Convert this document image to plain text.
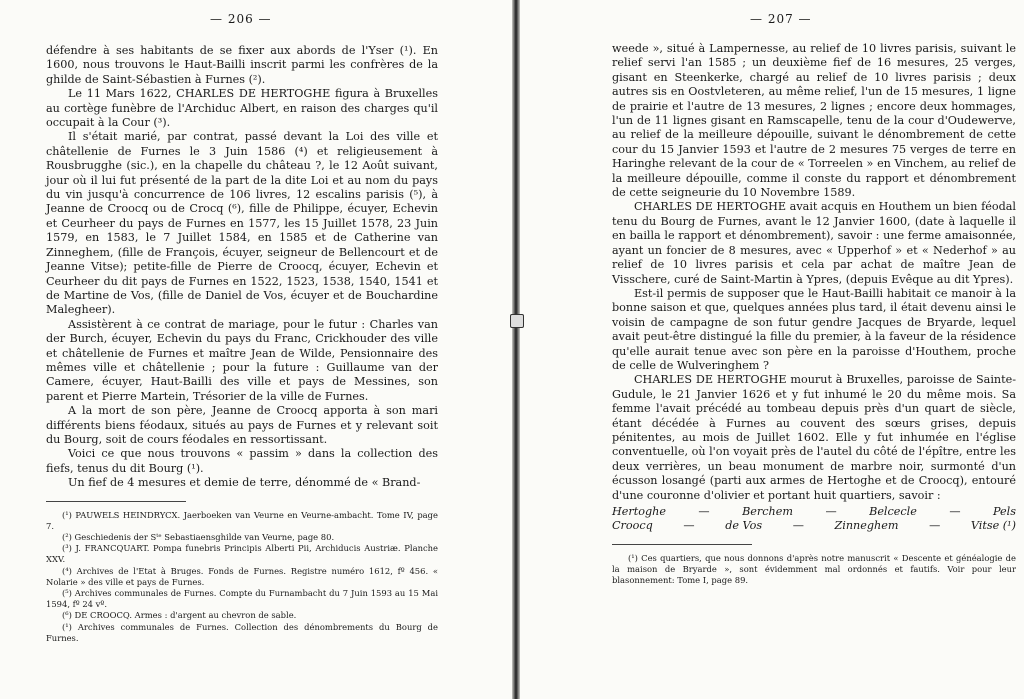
— 206 —

défendre à ses habitants de se fixer aux abords de l'Yser (¹). En 1600, nous trouvons le Haut-Bailli inscrit parmi les confrères de la ghilde de Saint-Sébastien à Furnes (²).

Le 11 Mars 1622, CHARLES DE HERTOGHE figura à Bruxelles au cortège funèbre de l'Archiduc Albert, en raison des charges qu'il occupait à la Cour (³).

Il s'était marié, par contrat, passé devant la Loi des ville et châtellenie de Furnes le 3 Juin 1586 (⁴) et religieusement à Rousbrugghe (sic.), en la chapelle du château ?, le 12 Août suivant, jour où il lui fut présenté de la part de la dite Loi et au nom du pays du vin jusqu'à concurrence de 106 livres, 12 escalins parisis (⁵), à Jeanne de Croocq ou de Crocq (⁶), fille de Philippe, écuyer, Echevin et Ceurheer du pays de Furnes en 1577, les 15 Juillet 1578, 23 Juin 1579, en 1583, le 7 Juillet 1584, en 1585 et de Catherine van Zinneghem, (fille de François, écuyer, seigneur de Bellencourt et de Jeanne Vitse); petite-fille de Pierre de Croocq, écuyer, Echevin et Ceurheer du dit pays de Furnes en 1522, 1523, 1538, 1540, 1541 et de Martine de Vos, (fille de Daniel de Vos, écuyer et de Bouchardine Malegheer).

Assistèrent à ce contrat de mariage, pour le futur : Charles van der Burch, écuyer, Echevin du pays du Franc, Crickhouder des ville et châtellenie de Furnes et maître Jean de Wilde, Pensionnaire des mêmes ville et châtellenie ; pour la future : Guillaume van der Camere, écuyer, Haut-Bailli des ville et pays de Messines, son parent et Pierre Martein, Trésorier de la ville de Furnes.

A la mort de son père, Jeanne de Croocq apporta à son mari différents biens féodaux, situés au pays de Furnes et y relevant soit du Bourg, soit de cours féodales en ressortissant.

Voici ce que nous trouvons « passim » dans la collection des fiefs, tenus du dit Bourg (¹).

Un fief de 4 mesures et demie de terre, dénommé de « Brand-

(¹) PAUWELS HEINDRYCX. Jaerboeken van Veurne en Veurne-ambacht. Tome IV, page 7.

(²) Geschiedenis der Sᵗᵉ Sebastiaensghilde van Veurne, page 80.

(³) J. FRANCQUART. Pompa funebris Principis Alberti Pii, Archiducis Austriæ. Planche XXV.

(⁴) Archives de l'Etat à Bruges. Fonds de Furnes. Registre numéro 1612, fº 456. « Nolarie » des ville et pays de Furnes.

(⁵) Archives communales de Furnes. Compte du Furnambacht du 7 Juin 1593 au 15 Mai 1594, fº 24 vº.

(⁶) DE CROOCQ. Armes : d'argent au chevron de sable.

(¹) Archives communales de Furnes. Collection des dénombrements du Bourg de Furnes.

— 207 —

weede », situé à Lampernesse, au relief de 10 livres parisis, suivant le relief servi l'an 1585 ; un deuxième fief de 16 mesures, 25 verges, gisant en Steenkerke, chargé au relief de 10 livres parisis ; deux autres sis en Oostvleteren, au même relief, l'un de 15 mesures, 1 ligne de prairie et l'autre de 13 mesures, 2 lignes ; encore deux hommages, l'un de 11 lignes gisant en Ramscapelle, tenu de la cour d'Oudewerve, au relief de la meilleure dépouille, suivant le dénombrement de cette cour du 15 Janvier 1593 et l'autre de 2 mesures 75 verges de terre en Haringhe relevant de la cour de « Torreelen » en Vinchem, au relief de la meilleure dépouille, comme il conste du rapport et dénombrement de cette seigneurie du 10 Novembre 1589.

CHARLES DE HERTOGHE avait acquis en Houthem un bien féodal tenu du Bourg de Furnes, avant le 12 Janvier 1600, (date à laquelle il en bailla le rapport et dénombrement), savoir : une ferme amaisonnée, ayant un foncier de 8 mesures, avec « Upperhof » et « Nederhof » au relief de 10 livres parisis et cela par achat de maître Jean de Visschere, curé de Saint-Martin à Ypres, (depuis Evêque au dit Ypres).

Est-il permis de supposer que le Haut-Bailli habitait ce manoir à la bonne saison et que, quelques années plus tard, il était devenu ainsi le voisin de campagne de son futur gendre Jacques de Bryarde, lequel avait peut-être distingué la fille du premier, à la faveur de la résidence qu'elle aurait tenue avec son père en la paroisse d'Houthem, proche de celle de Wulveringhem ?

CHARLES DE HERTOGHE mourut à Bruxelles, paroisse de Sainte-Gudule, le 21 Janvier 1626 et y fut inhumé le 20 du même mois. Sa femme l'avait précédé au tombeau depuis près d'un quart de siècle, étant décédée à Furnes au couvent des sœurs grises, depuis pénitentes, au mois de Juillet 1602. Elle y fut inhumée en l'église conventuelle, où l'on voyait près de l'autel du côté de l'épître, entre les deux verrières, un beau monument de marbre noir, surmonté d'un écusson losangé (parti aux armes de Hertoghe et de Croocq), entouré d'une couronne d'olivier et portant huit quartiers, savoir :

Hertoghe	—	Berchem	—	Belcecle	—	Pels
Croocq	—	de Vos	—	Zinneghem	—	Vitse (¹)

(¹) Ces quartiers, que nous donnons d'après notre manuscrit « Descente et généalogie de la maison de Bryarde », sont évidemment mal ordonnés et fautifs. Voir pour leur blasonnement: Tome I, page 89.
